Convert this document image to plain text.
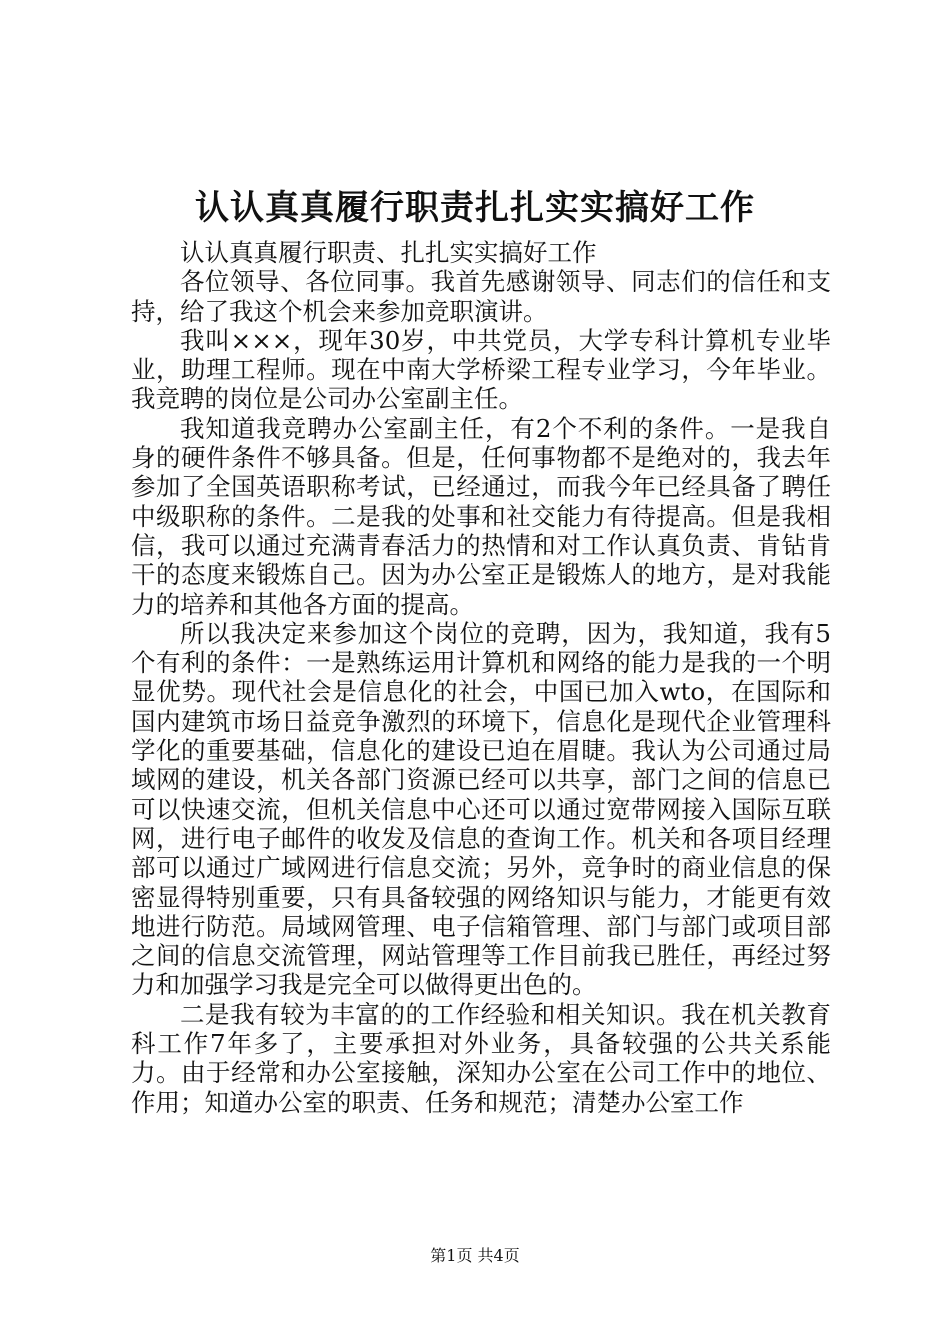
认认真真履行职责扎扎实实搞好工作

认认真真履行职责、扎扎实实搞好工作

各位领导、各位同事。我首先感谢领导、同志们的信任和支持，给了我这个机会来参加竞职演讲。

我叫×××，现年30岁，中共党员，大学专科计算机专业毕业，助理工程师。现在中南大学桥梁工程专业学习，今年毕业。我竞聘的岗位是公司办公室副主任。

我知道我竞聘办公室副主任，有2个不利的条件。一是我自身的硬件条件不够具备。但是，任何事物都不是绝对的，我去年参加了全国英语职称考试，已经通过，而我今年已经具备了聘任中级职称的条件。二是我的处事和社交能力有待提高。但是我相信，我可以通过充满青春活力的热情和对工作认真负责、肯钻肯干的态度来锻炼自己。因为办公室正是锻炼人的地方，是对我能力的培养和其他各方面的提高。

所以我决定来参加这个岗位的竞聘，因为，我知道，我有5个有利的条件：一是熟练运用计算机和网络的能力是我的一个明显优势。现代社会是信息化的社会，中国已加入wto，在国际和国内建筑市场日益竞争激烈的环境下，信息化是现代企业管理科学化的重要基础，信息化的建设已迫在眉睫。我认为公司通过局域网的建设，机关各部门资源已经可以共享，部门之间的信息已可以快速交流，但机关信息中心还可以通过宽带网接入国际互联网，进行电子邮件的收发及信息的查询工作。机关和各项目经理部可以通过广域网进行信息交流；另外，竞争时的商业信息的保密显得特别重要，只有具备较强的网络知识与能力，才能更有效地进行防范。局域网管理、电子信箱管理、部门与部门或项目部之间的信息交流管理，网站管理等工作目前我已胜任，再经过努力和加强学习我是完全可以做得更出色的。

二是我有较为丰富的的工作经验和相关知识。我在机关教育科工作7年多了，主要承担对外业务，具备较强的公共关系能力。由于经常和办公室接触，深知办公室在公司工作中的地位、作用；知道办公室的职责、任务和规范；清楚办公室工作

第1页 共4页
